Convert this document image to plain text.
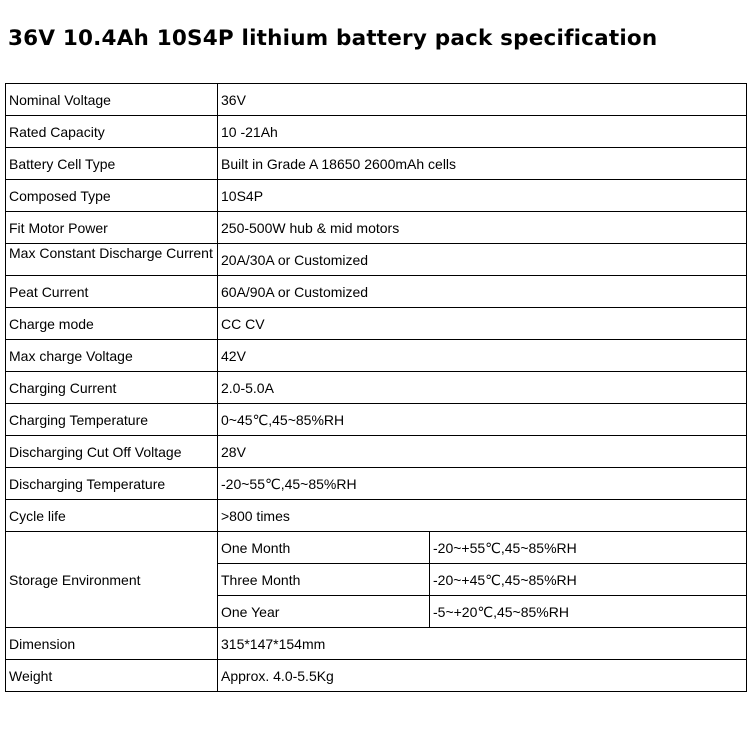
36V 10.4Ah 10S4P lithium battery pack specification
Nominal Voltage	36V	
Rated Capacity	10 -21Ah	
Battery Cell Type	Built in Grade A 18650 2600mAh cells	
Composed Type	10S4P	
Fit Motor Power	250-500W hub & mid motors	
Max Constant Discharge Current	20A/30A or Customized	
Peat Current	60A/90A or Customized	
Charge mode	CC CV	
Max charge Voltage	42V	
Charging Current	2.0-5.0A	
Charging Temperature	0~45℃,45~85%RH	
Discharging Cut Off Voltage	28V	
Discharging Temperature	-20~55℃,45~85%RH	
Cycle life	>800 times	
Storage Environment	One Month	-20~+55℃,45~85%RH
	Three Month	-20~+45℃,45~85%RH
	One Year	-5~+20℃,45~85%RH
Dimension	315*147*154mm	
Weight	Approx. 4.0-5.5Kg	
